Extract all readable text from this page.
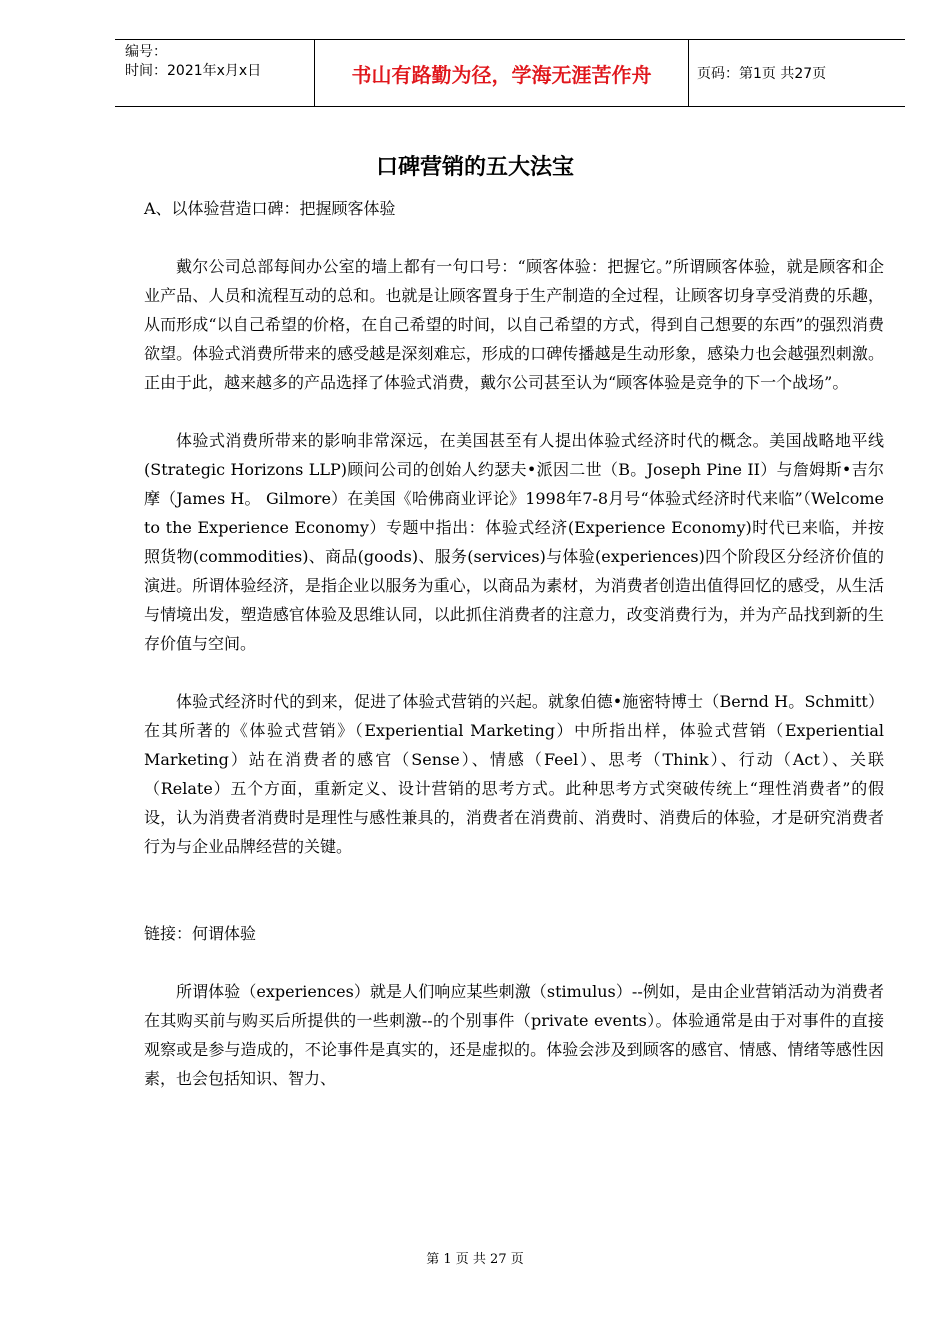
编号：
时间：2021年x月x日	书山有路勤为径，学海无涯苦作舟	页码：第1页 共27页
口碑营销的五大法宝

A、以体验营造口碑：把握顾客体验

戴尔公司总部每间办公室的墙上都有一句口号：“顾客体验：把握它。”所谓顾客体验，就是顾客和企业产品、人员和流程互动的总和。也就是让顾客置身于生产制造的全过程，让顾客切身享受消费的乐趣，从而形成“以自己希望的价格，在自己希望的时间，以自己希望的方式，得到自己想要的东西”的强烈消费欲望。体验式消费所带来的感受越是深刻难忘，形成的口碑传播越是生动形象，感染力也会越强烈刺激。正由于此，越来越多的产品选择了体验式消费，戴尔公司甚至认为“顾客体验是竞争的下一个战场”。

体验式消费所带来的影响非常深远，在美国甚至有人提出体验式经济时代的概念。美国战略地平线(Strategic Horizons LLP)顾问公司的创始人约瑟夫•派因二世（B。Joseph Pine II）与詹姆斯•吉尔摩（James H。 Gilmore）在美国《哈佛商业评论》1998年7-8月号“体验式经济时代来临”（Welcome to the Experience Economy）专题中指出：体验式经济(Experience Economy)时代已来临，并按照货物(commodities)、商品(goods)、服务(services)与体验(experiences)四个阶段区分经济价值的演进。所谓体验经济，是指企业以服务为重心，以商品为素材，为消费者创造出值得回忆的感受，从生活与情境出发，塑造感官体验及思维认同，以此抓住消费者的注意力，改变消费行为，并为产品找到新的生存价值与空间。

体验式经济时代的到来，促进了体验式营销的兴起。就象伯德•施密特博士（Bernd H。Schmitt）在其所著的《体验式营销》（Experiential Marketing）中所指出样，体验式营销（Experiential Marketing）站在消费者的感官（Sense）、情感（Feel）、思考（Think）、行动（Act）、关联（Relate）五个方面，重新定义、设计营销的思考方式。此种思考方式突破传统上“理性消费者”的假设，认为消费者消费时是理性与感性兼具的，消费者在消费前、消费时、消费后的体验，才是研究消费者行为与企业品牌经营的关键。

链接：何谓体验

所谓体验（experiences）就是人们响应某些刺激（stimulus）--例如，是由企业营销活动为消费者在其购买前与购买后所提供的一些刺激--的个别事件（private events）。体验通常是由于对事件的直接观察或是参与造成的，不论事件是真实的，还是虚拟的。体验会涉及到顾客的感官、情感、情绪等感性因素，也会包括知识、智力、

第 1 页 共 27 页
